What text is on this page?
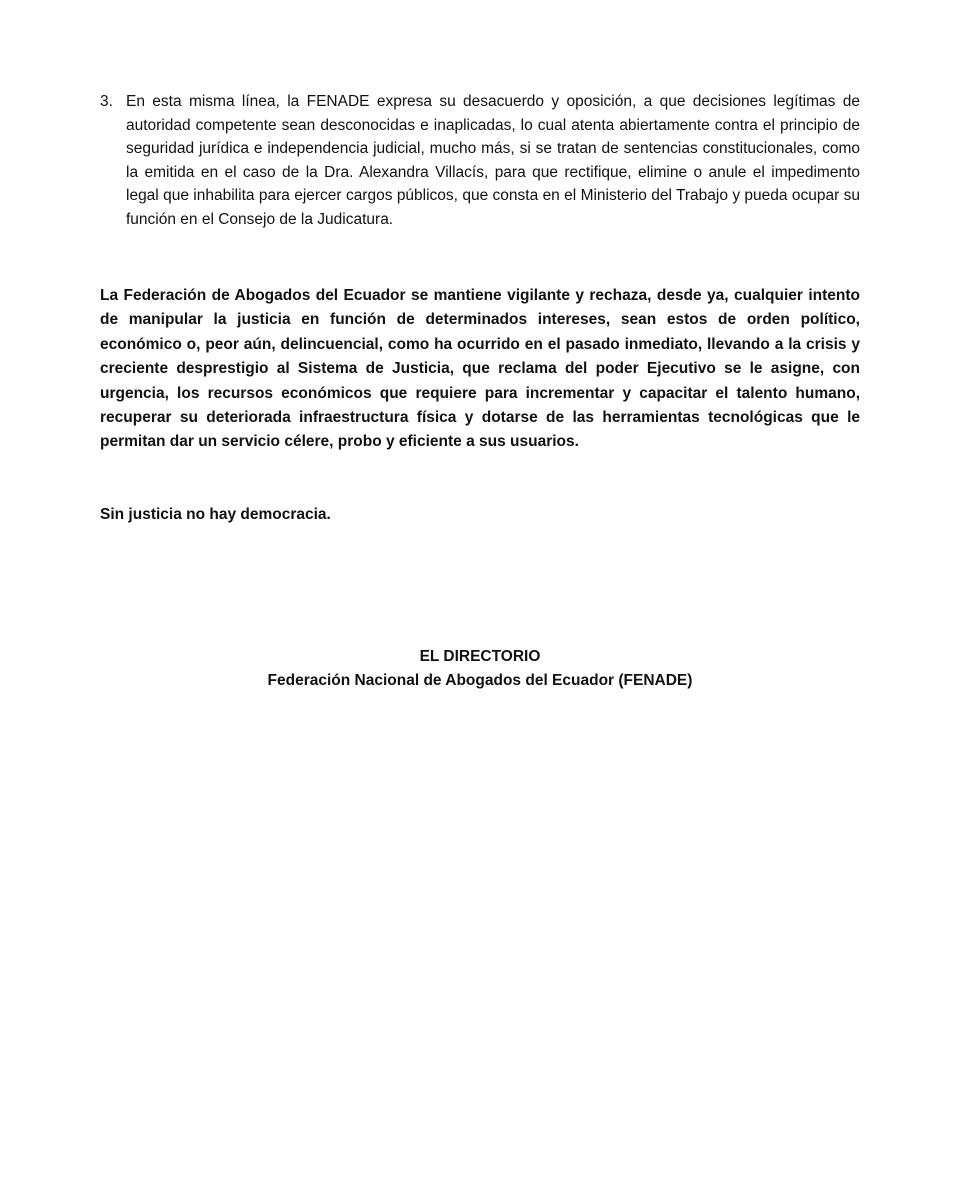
3. En esta misma línea, la FENADE expresa su desacuerdo y oposición, a que decisiones legítimas de autoridad competente sean desconocidas e inaplicadas, lo cual atenta abiertamente contra el principio de seguridad jurídica e independencia judicial, mucho más, si se tratan de sentencias constitucionales, como la emitida en el caso de la Dra. Alexandra Villacís, para que rectifique, elimine o anule el impedimento legal que inhabilita para ejercer cargos públicos, que consta en el Ministerio del Trabajo y pueda ocupar su función en el Consejo de la Judicatura.
La Federación de Abogados del Ecuador se mantiene vigilante y rechaza, desde ya, cualquier intento de manipular la justicia en función de determinados intereses, sean estos de orden político, económico o, peor aún, delincuencial, como ha ocurrido en el pasado inmediato, llevando a la crisis y creciente desprestigio al Sistema de Justicia, que reclama del poder Ejecutivo se le asigne, con urgencia, los recursos económicos que requiere para incrementar y capacitar el talento humano, recuperar su deteriorada infraestructura física y dotarse de las herramientas tecnológicas que le permitan dar un servicio célere, probo y eficiente a sus usuarios.
Sin justicia no hay democracia.
EL DIRECTORIO
Federación Nacional de Abogados del Ecuador (FENADE)
